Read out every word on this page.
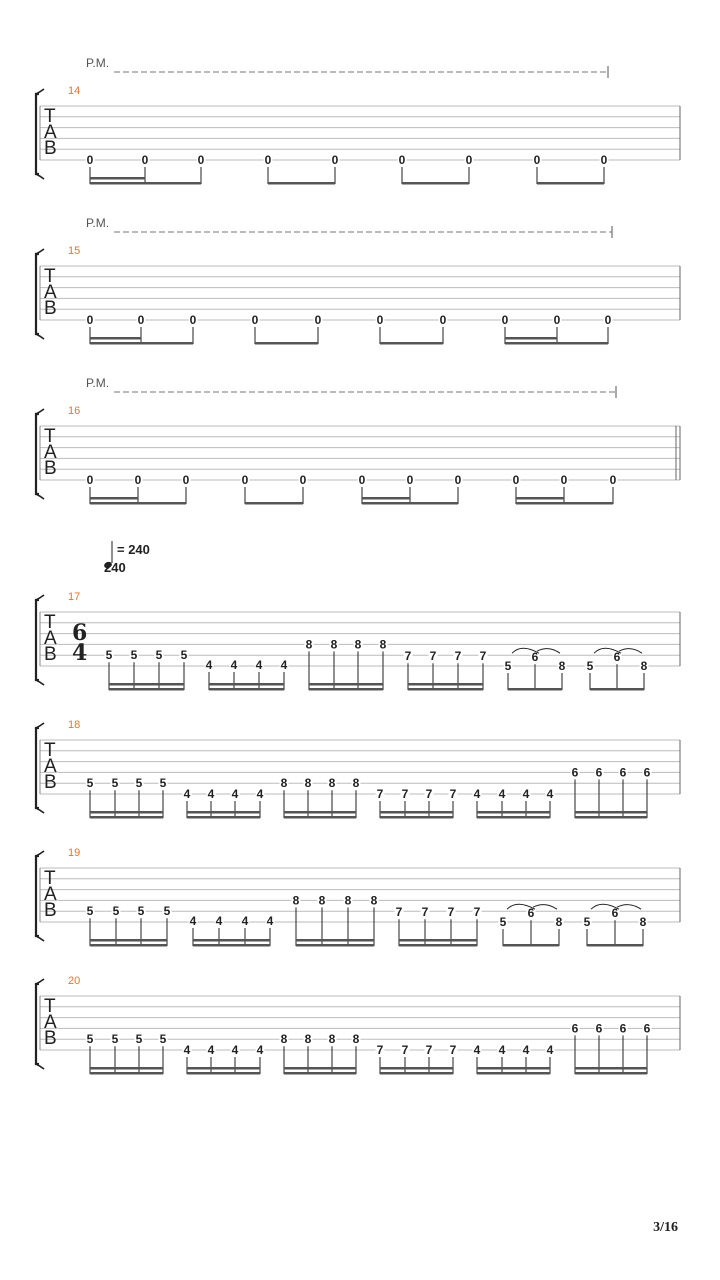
T
A
B
14
P.M.
0	0	0	0	0	0	0	0	0
T
A
B
15
P.M.
0	0	0	0	0	0	0	0	0	0
T
A
B
16
P.M.
0	0	0	0	0	0	0	0	0	0	0
T
A
B
17
6
4 5 5 5 5
4 4 4 4
8 8 8 8
7 7 7 7
5
6
8 5
6
8
T
A
B
18
5 5 5 5
4 4 4 4
8 8 8 8
7 7 7 7 4 4 4 4
6 6 6 6
T
A
B
19
5 5 5 5
4 4 4 4
8 8 8 8
7 7 7 7
5
6
8 5
6
8
T
A
B
20
5 5 5 5
4 4 4 4
8 8 8 8
7 7 7 7 4 4 4 4
6 6 6 6
= 240
240
3/16
